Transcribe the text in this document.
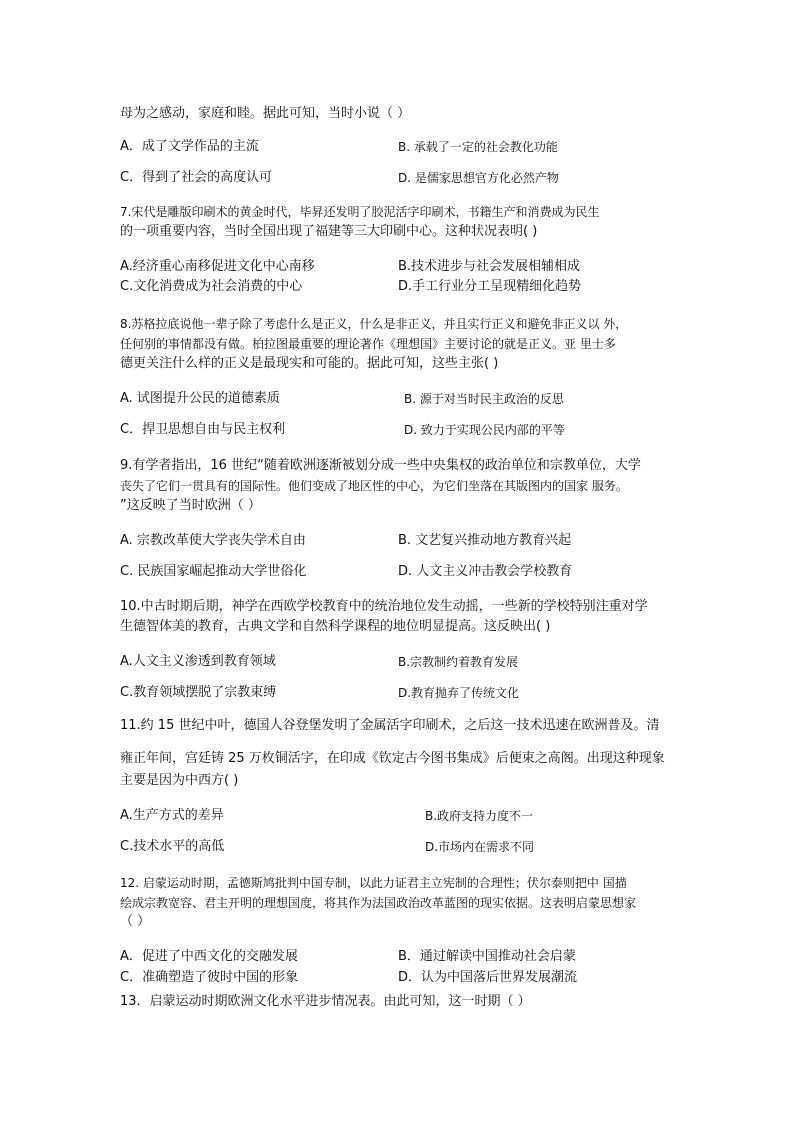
母为之感动，家庭和睦。据此可知，当时小说（ ）
A．成了文学作品的主流	B. 承载了一定的社会教化功能
C．得到了社会的高度认可	D. 是儒家思想官方化必然产物
7.宋代是雕版印刷术的黄金时代，毕昇还发明了胶泥活字印刷术，书籍生产和消费成为民生
的一项重要内容，当时全国出现了福建等三大印刷中心。这种状况表明( )
A.经济重心南移促进文化中心南移	B.技术进步与社会发展相辅相成
C.文化消费成为社会消费的中心	D.手工行业分工呈现精细化趋势
8.苏格拉底说他一辈子除了考虑什么是正义，什么是非正义，并且实行正义和避免非正义以 外，
任何别的事情都没有做。柏拉图最重要的理论著作《理想国》主要讨论的就是正义。亚 里士多
德更关注什么样的正义是最现实和可能的。据此可知，这些主张( )
A. 试图提升公民的道德素质	B. 源于对当时民主政治的反思
C．捍卫思想自由与民主权利	D. 致力于实现公民内部的平等
9.有学者指出，16 世纪“随着欧洲逐渐被划分成一些中央集权的政治单位和宗教单位，大学
丧失了它们一贯具有的国际性。他们变成了地区性的中心，为它们坐落在其版图内的国家 服务。
”这反映了当时欧洲（ ）
A. 宗教改革使大学丧失学术自由	B. 文艺复兴推动地方教育兴起
C. 民族国家崛起推动大学世俗化	D. 人文主义冲击教会学校教育
10.中古时期后期，神学在西欧学校教育中的统治地位发生动摇，一些新的学校特别注重对学
生德智体美的教育，古典文学和自然科学课程的地位明显提高。这反映出( )
A.人文主义渗透到教育领域	B.宗教制约着教育发展
C.教育领域摆脱了宗教束缚	D.教育抛弃了传统文化
11.约 15 世纪中叶，德国人谷登堡发明了金属活字印刷术，之后这一技术迅速在欧洲普及。清
雍正年间，宫廷铸 25 万枚铜活字，在印成《钦定古今图书集成》后便束之高阁。出现这种现象
主要是因为中西方( )
A.生产方式的差异	B.政府支持力度不一
C.技术水平的高低	D.市场内在需求不同
12. 启蒙运动时期，孟德斯鸠批判中国专制，以此力证君主立宪制的合理性；伏尔泰则把中 国描
绘成宗教宽容、君主开明的理想国度，将其作为法国政治改革蓝图的现实依据。这表明启蒙思想家
（ ）
A．促进了中西文化的交融发展	B．通过解读中国推动社会启蒙
C．准确塑造了彼时中国的形象	D．认为中国落后世界发展潮流
13．启蒙运动时期欧洲文化水平进步情况表。由此可知，这一时期（ ）
